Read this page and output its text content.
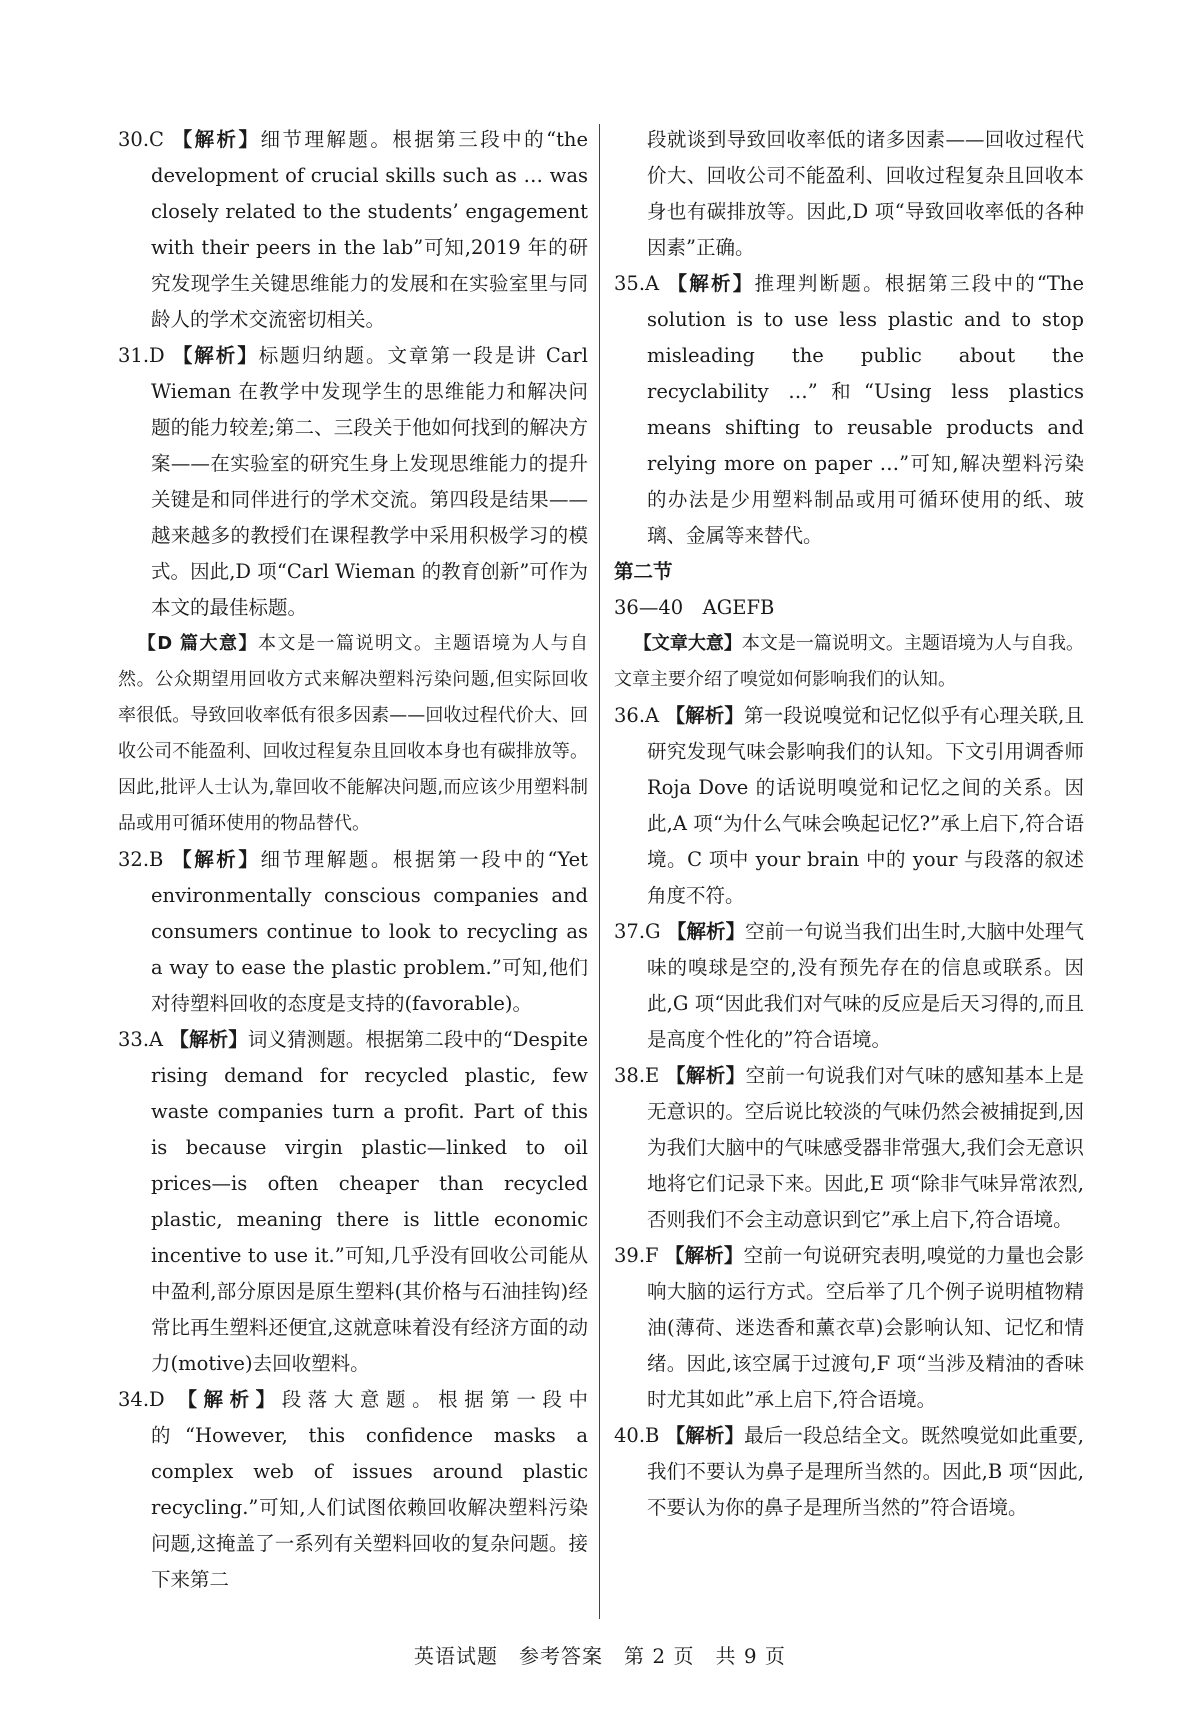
30.C 【解析】细节理解题。根据第三段中的“the development of crucial skills such as … was closely related to the students’ engagement with their peers in the lab”可知,2019 年的研究发现学生关键思维能力的发展和在实验室里与同龄人的学术交流密切相关。

31.D 【解析】标题归纳题。文章第一段是讲 Carl Wieman 在教学中发现学生的思维能力和解决问题的能力较差;第二、三段关于他如何找到的解决方案——在实验室的研究生身上发现思维能力的提升关键是和同伴进行的学术交流。第四段是结果——越来越多的教授们在课程教学中采用积极学习的模式。因此,D 项“Carl Wieman 的教育创新”可作为本文的最佳标题。

【D 篇大意】本文是一篇说明文。主题语境为人与自然。公众期望用回收方式来解决塑料污染问题,但实际回收率很低。导致回收率低有很多因素——回收过程代价大、回收公司不能盈利、回收过程复杂且回收本身也有碳排放等。因此,批评人士认为,靠回收不能解决问题,而应该少用塑料制品或用可循环使用的物品替代。

32.B 【解析】细节理解题。根据第一段中的“Yet environmentally conscious companies and consumers continue to look to recycling as a way to ease the plastic problem.”可知,他们对待塑料回收的态度是支持的(favorable)。

33.A 【解析】词义猜测题。根据第二段中的“Despite rising demand for recycled plastic, few waste companies turn a profit. Part of this is because virgin plastic—linked to oil prices—is often cheaper than recycled plastic, meaning there is little economic incentive to use it.”可知,几乎没有回收公司能从中盈利,部分原因是原生塑料(其价格与石油挂钩)经常比再生塑料还便宜,这就意味着没有经济方面的动力(motive)去回收塑料。

34.D 【解析】段落大意题。根据第一段中的“However, this confidence masks a complex web of issues around plastic recycling.”可知,人们试图依赖回收解决塑料污染问题,这掩盖了一系列有关塑料回收的复杂问题。接下来第二

段就谈到导致回收率低的诸多因素——回收过程代价大、回收公司不能盈利、回收过程复杂且回收本身也有碳排放等。因此,D 项“导致回收率低的各种因素”正确。

35.A 【解析】推理判断题。根据第三段中的“The solution is to use less plastic and to stop misleading the public about the recyclability …”和“Using less plastics means shifting to reusable products and relying more on paper …”可知,解决塑料污染的办法是少用塑料制品或用可循环使用的纸、玻璃、金属等来替代。

第二节

36—40　AGEFB

【文章大意】本文是一篇说明文。主题语境为人与自我。文章主要介绍了嗅觉如何影响我们的认知。

36.A 【解析】第一段说嗅觉和记忆似乎有心理关联,且研究发现气味会影响我们的认知。下文引用调香师 Roja Dove 的话说明嗅觉和记忆之间的关系。因此,A 项“为什么气味会唤起记忆?”承上启下,符合语境。C 项中 your brain 中的 your 与段落的叙述角度不符。

37.G 【解析】空前一句说当我们出生时,大脑中处理气味的嗅球是空的,没有预先存在的信息或联系。因此,G 项“因此我们对气味的反应是后天习得的,而且是高度个性化的”符合语境。

38.E 【解析】空前一句说我们对气味的感知基本上是无意识的。空后说比较淡的气味仍然会被捕捉到,因为我们大脑中的气味感受器非常强大,我们会无意识地将它们记录下来。因此,E 项“除非气味异常浓烈,否则我们不会主动意识到它”承上启下,符合语境。

39.F 【解析】空前一句说研究表明,嗅觉的力量也会影响大脑的运行方式。空后举了几个例子说明植物精油(薄荷、迷迭香和薰衣草)会影响认知、记忆和情绪。因此,该空属于过渡句,F 项“当涉及精油的香味时尤其如此”承上启下,符合语境。

40.B 【解析】最后一段总结全文。既然嗅觉如此重要,我们不要认为鼻子是理所当然的。因此,B 项“因此,不要认为你的鼻子是理所当然的”符合语境。

英语试题　参考答案　第 2 页　共 9 页
